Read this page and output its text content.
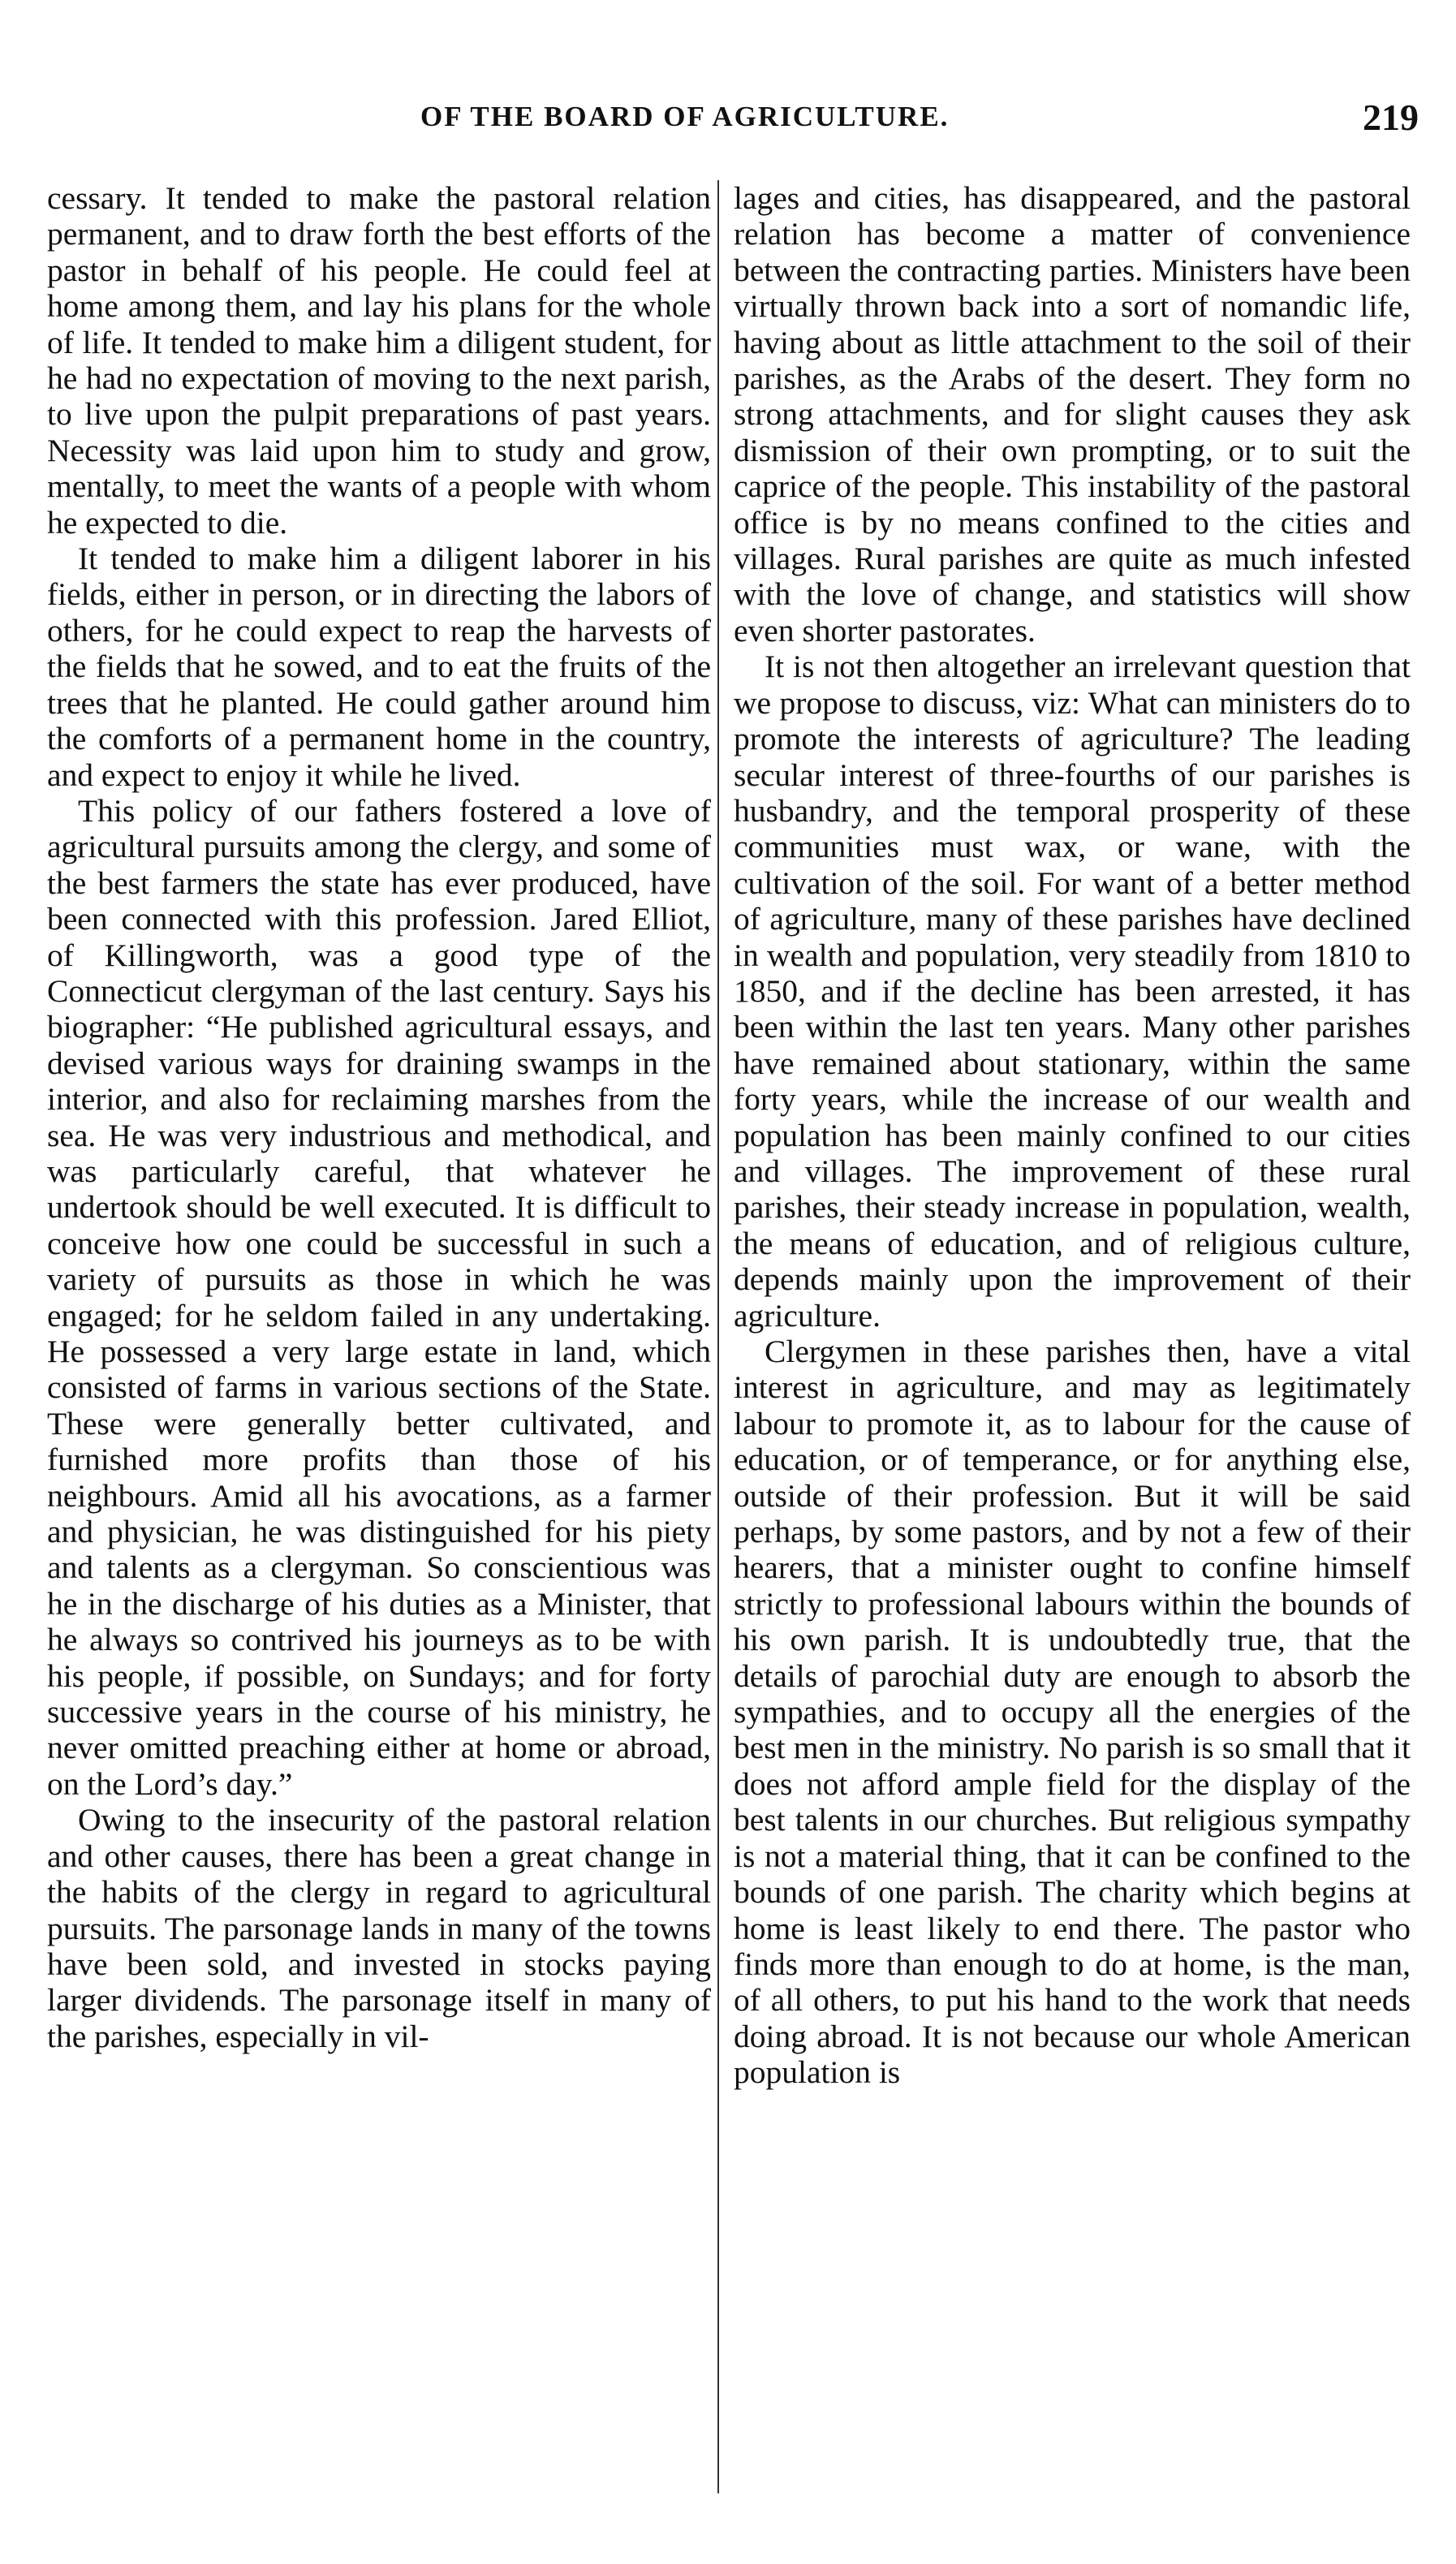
OF THE BOARD OF AGRICULTURE.	219

cessary. It tended to make the pastoral relation permanent, and to draw forth the best efforts of the pastor in behalf of his people. He could feel at home among them, and lay his plans for the whole of life. It tended to make him a diligent student, for he had no expectation of moving to the next parish, to live upon the pulpit preparations of past years. Necessity was laid upon him to study and grow, mentally, to meet the wants of a people with whom he expected to die.

It tended to make him a diligent laborer in his fields, either in person, or in directing the labors of others, for he could expect to reap the harvests of the fields that he sowed, and to eat the fruits of the trees that he planted. He could gather around him the comforts of a permanent home in the country, and expect to enjoy it while he lived.

This policy of our fathers fostered a love of agricultural pursuits among the clergy, and some of the best farmers the state has ever produced, have been connected with this profession. Jared Elliot, of Killingworth, was a good type of the Connecticut clergyman of the last century. Says his biographer: “He published agricultural essays, and devised various ways for draining swamps in the interior, and also for reclaiming marshes from the sea. He was very industrious and methodical, and was particularly careful, that whatever he undertook should be well executed. It is difficult to conceive how one could be successful in such a variety of pursuits as those in which he was engaged; for he seldom failed in any undertaking. He possessed a very large estate in land, which consisted of farms in various sections of the State. These were generally better cultivated, and furnished more profits than those of his neighbours. Amid all his avocations, as a farmer and physician, he was distinguished for his piety and talents as a clergyman. So conscientious was he in the discharge of his duties as a Minister, that he always so contrived his journeys as to be with his people, if possible, on Sundays; and for forty successive years in the course of his ministry, he never omitted preaching either at home or abroad, on the Lord’s day.”

Owing to the insecurity of the pastoral relation and other causes, there has been a great change in the habits of the clergy in regard to agricultural pursuits. The parsonage lands in many of the towns have been sold, and invested in stocks paying larger dividends. The parsonage itself in many of the parishes, especially in vil-

lages and cities, has disappeared, and the pastoral relation has become a matter of convenience between the contracting parties. Ministers have been virtually thrown back into a sort of nomandic life, having about as little attachment to the soil of their parishes, as the Arabs of the desert. They form no strong attachments, and for slight causes they ask dismission of their own prompting, or to suit the caprice of the people. This instability of the pastoral office is by no means confined to the cities and villages. Rural parishes are quite as much infested with the love of change, and statistics will show even shorter pastorates.

It is not then altogether an irrelevant question that we propose to discuss, viz: What can ministers do to promote the interests of agriculture? The leading secular interest of three-fourths of our parishes is husbandry, and the temporal prosperity of these communities must wax, or wane, with the cultivation of the soil. For want of a better method of agriculture, many of these parishes have declined in wealth and population, very steadily from 1810 to 1850, and if the decline has been arrested, it has been within the last ten years. Many other parishes have remained about stationary, within the same forty years, while the increase of our wealth and population has been mainly confined to our cities and villages. The improvement of these rural parishes, their steady increase in population, wealth, the means of education, and of religious culture, depends mainly upon the improvement of their agriculture.

Clergymen in these parishes then, have a vital interest in agriculture, and may as legitimately labour to promote it, as to labour for the cause of education, or of temperance, or for anything else, outside of their profession. But it will be said perhaps, by some pastors, and by not a few of their hearers, that a minister ought to confine himself strictly to professional labours within the bounds of his own parish. It is undoubtedly true, that the details of parochial duty are enough to absorb the sympathies, and to occupy all the energies of the best men in the ministry. No parish is so small that it does not afford ample field for the display of the best talents in our churches. But religious sympathy is not a material thing, that it can be confined to the bounds of one parish. The charity which begins at home is least likely to end there. The pastor who finds more than enough to do at home, is the man, of all others, to put his hand to the work that needs doing abroad. It is not because our whole American population is
